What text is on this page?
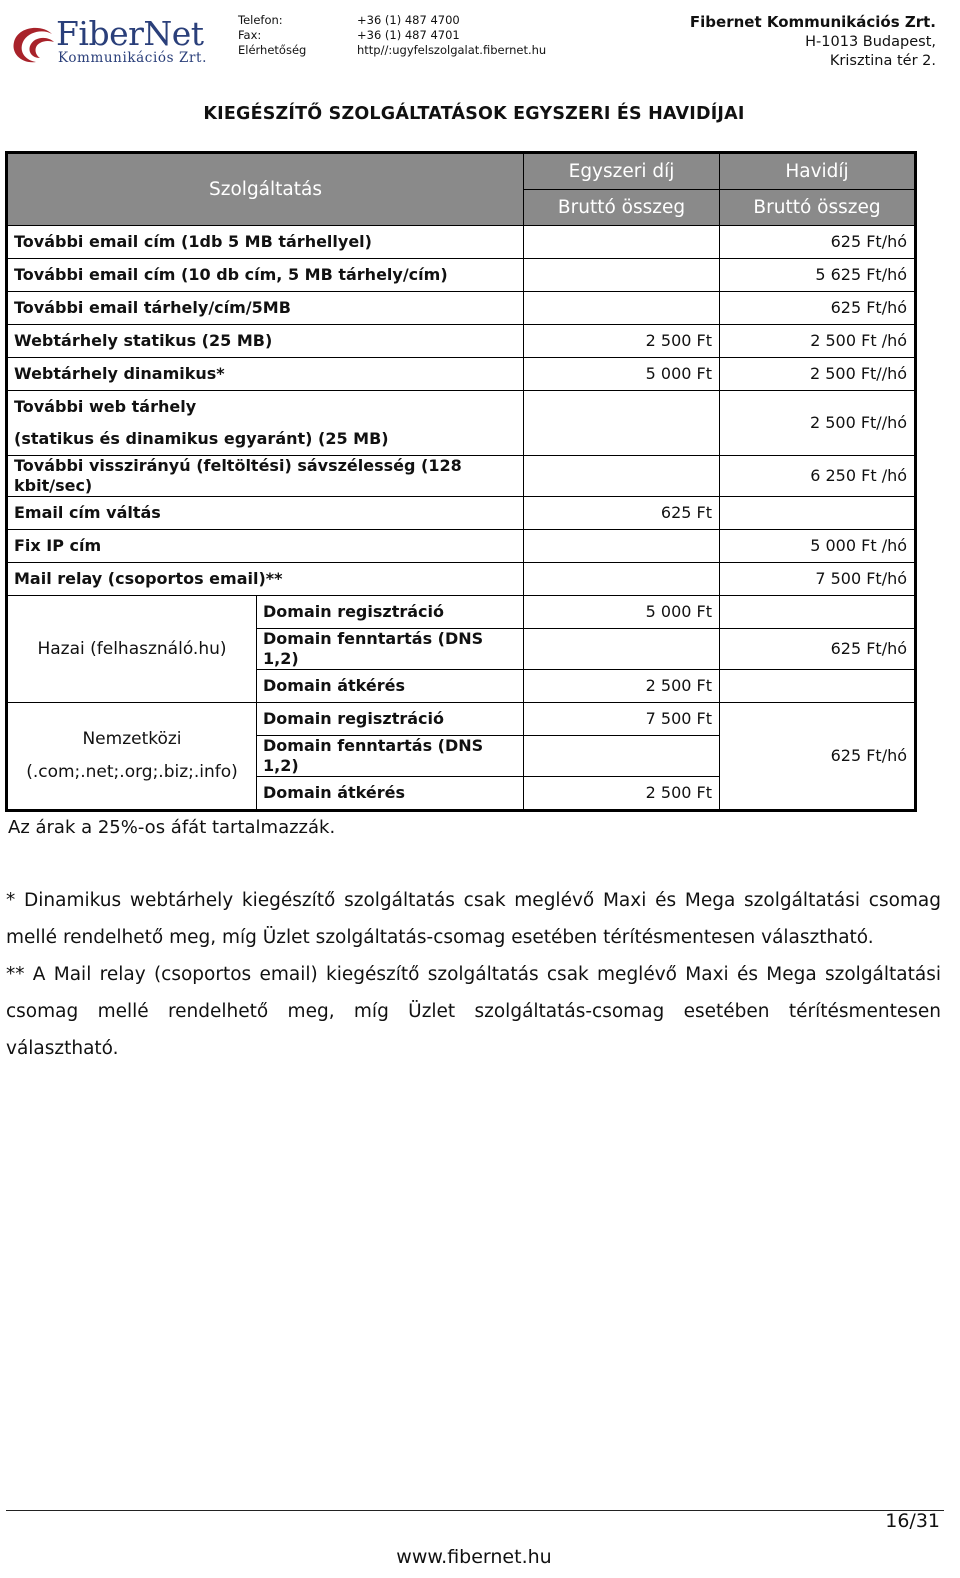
FiberNet
Kommunikációs Zrt.
Telefon:	+36 (1) 487 4700
Fax:	+36 (1) 487 4701
Elérhetőség	http//:ugyfelszolgalat.fibernet.hu
Fibernet Kommunikációs Zrt.
H-1013 Budapest,
Krisztina tér 2.
KIEGÉSZÍTŐ SZOLGÁLTATÁSOK EGYSZERI ÉS HAVIDÍJAI
Szolgáltatás		Egyszeri díj	Havidíj
		Bruttó összeg	Bruttó összeg
További email cím (1db 5 MB tárhellyel)			625 Ft/hó
További email cím (10 db cím, 5 MB tárhely/cím)			5 625 Ft/hó
További email tárhely/cím/5MB			625 Ft/hó
Webtárhely statikus (25 MB)		2 500 Ft	2 500 Ft /hó
Webtárhely dinamikus*		5 000 Ft	2 500 Ft//hó

További web tárhely
(statikus és dinamikus egyaránt) (25 MB)			2 500 Ft//hó
További visszirányú (feltöltési) sávszélesség (128 kbit/sec)			6 250 Ft /hó
Email cím váltás		625 Ft	
Fix IP cím			5 000 Ft /hó
Mail relay (csoportos email)**			7 500 Ft/hó
Hazai (felhasználó.hu)	Domain regisztráció	5 000 Ft	
	Domain fenntartás (DNS 1,2)		625 Ft/hó
	Domain átkérés	2 500 Ft	

Nemzetközi
(.com;.net;.org;.biz;.info)	Domain regisztráció	7 500 Ft	625 Ft/hó
	Domain fenntartás (DNS 1,2)		
	Domain átkérés	2 500 Ft	
Az árak a 25%-os áfát tartalmazzák.

* Dinamikus webtárhely kiegészítő szolgáltatás csak meglévő Maxi és Mega szolgáltatási csomag mellé rendelhető meg, míg Üzlet szolgáltatás-csomag esetében térítésmentesen választható.

** A Mail relay (csoportos email) kiegészítő szolgáltatás csak meglévő Maxi és Mega szolgáltatási csomag mellé rendelhető meg, míg Üzlet szolgáltatás-csomag esetében térítésmentesen választható.

16/31
www.fibernet.hu
